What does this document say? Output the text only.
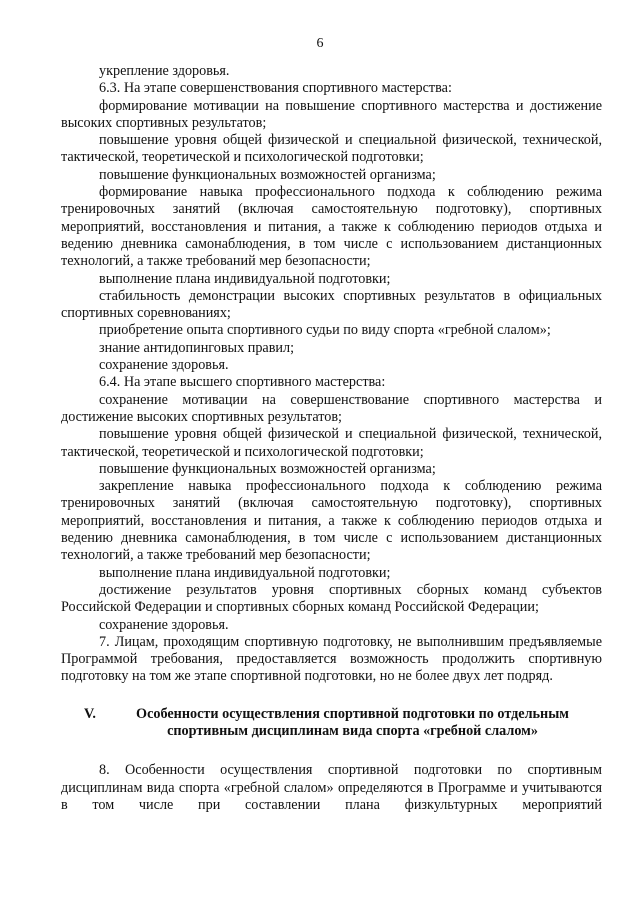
6

укрепление здоровья.

6.3. На этапе совершенствования спортивного мастерства:

формирование мотивации на повышение спортивного мастерства и достижение высоких спортивных результатов;

повышение уровня общей физической и специальной физической, технической, тактической, теоретической и психологической подготовки;

повышение функциональных возможностей организма;

формирование навыка профессионального подхода к соблюдению режима тренировочных занятий (включая самостоятельную подготовку), спортивных мероприятий, восстановления и питания, а также к соблюдению периодов отдыха и ведению дневника самонаблюдения, в том числе с использованием дистанционных технологий, а также требований мер безопасности;

выполнение плана индивидуальной подготовки;

стабильность демонстрации высоких спортивных результатов в официальных спортивных соревнованиях;

приобретение опыта спортивного судьи по виду спорта «гребной слалом»;

знание антидопинговых правил;

сохранение здоровья.

6.4. На этапе высшего спортивного мастерства:

сохранение мотивации на совершенствование спортивного мастерства и достижение высоких спортивных результатов;

повышение уровня общей физической и специальной физической, технической, тактической, теоретической и психологической подготовки;

повышение функциональных возможностей организма;

закрепление навыка профессионального подхода к соблюдению режима тренировочных занятий (включая самостоятельную подготовку), спортивных мероприятий, восстановления и питания, а также к соблюдению периодов отдыха и ведению дневника самонаблюдения, в том числе с использованием дистанционных технологий, а также требований мер безопасности;

выполнение плана индивидуальной подготовки;

достижение результатов уровня спортивных сборных команд субъектов Российской Федерации и спортивных сборных команд Российской Федерации;

сохранение здоровья.

7. Лицам, проходящим спортивную подготовку, не выполнившим предъявляемые Программой требования, предоставляется возможность продолжить спортивную подготовку на том же этапе спортивной подготовки, но не более двух лет подряд.

V.	Особенности осуществления спортивной подготовки по отдельным спортивным дисциплинам вида спорта «гребной слалом»

8. Особенности осуществления спортивной подготовки по спортивным дисциплинам вида спорта «гребной слалом» определяются в Программе и учитываются в том числе при составлении плана физкультурных мероприятий
